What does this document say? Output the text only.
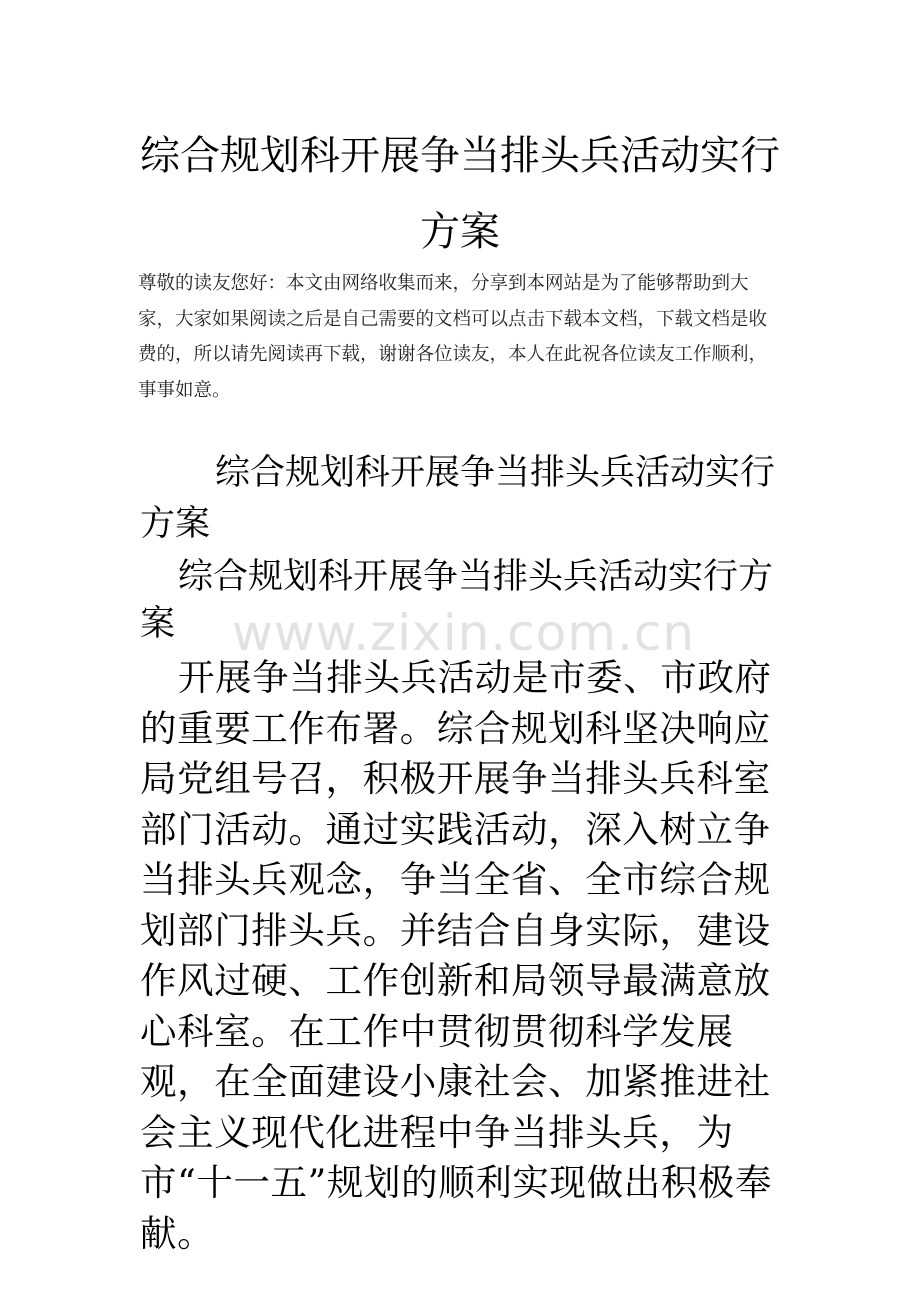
综合规划科开展争当排头兵活动实行方案

尊敬的读友您好：本文由网络收集而来，分享到本网站是为了能够帮助到大家，大家如果阅读之后是自己需要的文档可以点击下载本文档，下载文档是收费的，所以请先阅读再下载，谢谢各位读友，本人在此祝各位读友工作顺利，事事如意。

综合规划科开展争当排头兵活动实行方案

综合规划科开展争当排头兵活动实行方案

开展争当排头兵活动是市委、市政府的重要工作布署。综合规划科坚决响应局党组号召，积极开展争当排头兵科室部门活动。通过实践活动，深入树立争当排头兵观念，争当全省、全市综合规划部门排头兵。并结合自身实际，建设作风过硬、工作创新和局领导最满意放心科室。在工作中贯彻贯彻科学发展观，在全面建设小康社会、加紧推进社会主义现代化进程中争当排头兵，为市“十一五”规划的顺利实现做出积极奉献。

www.zixin.com.cn
